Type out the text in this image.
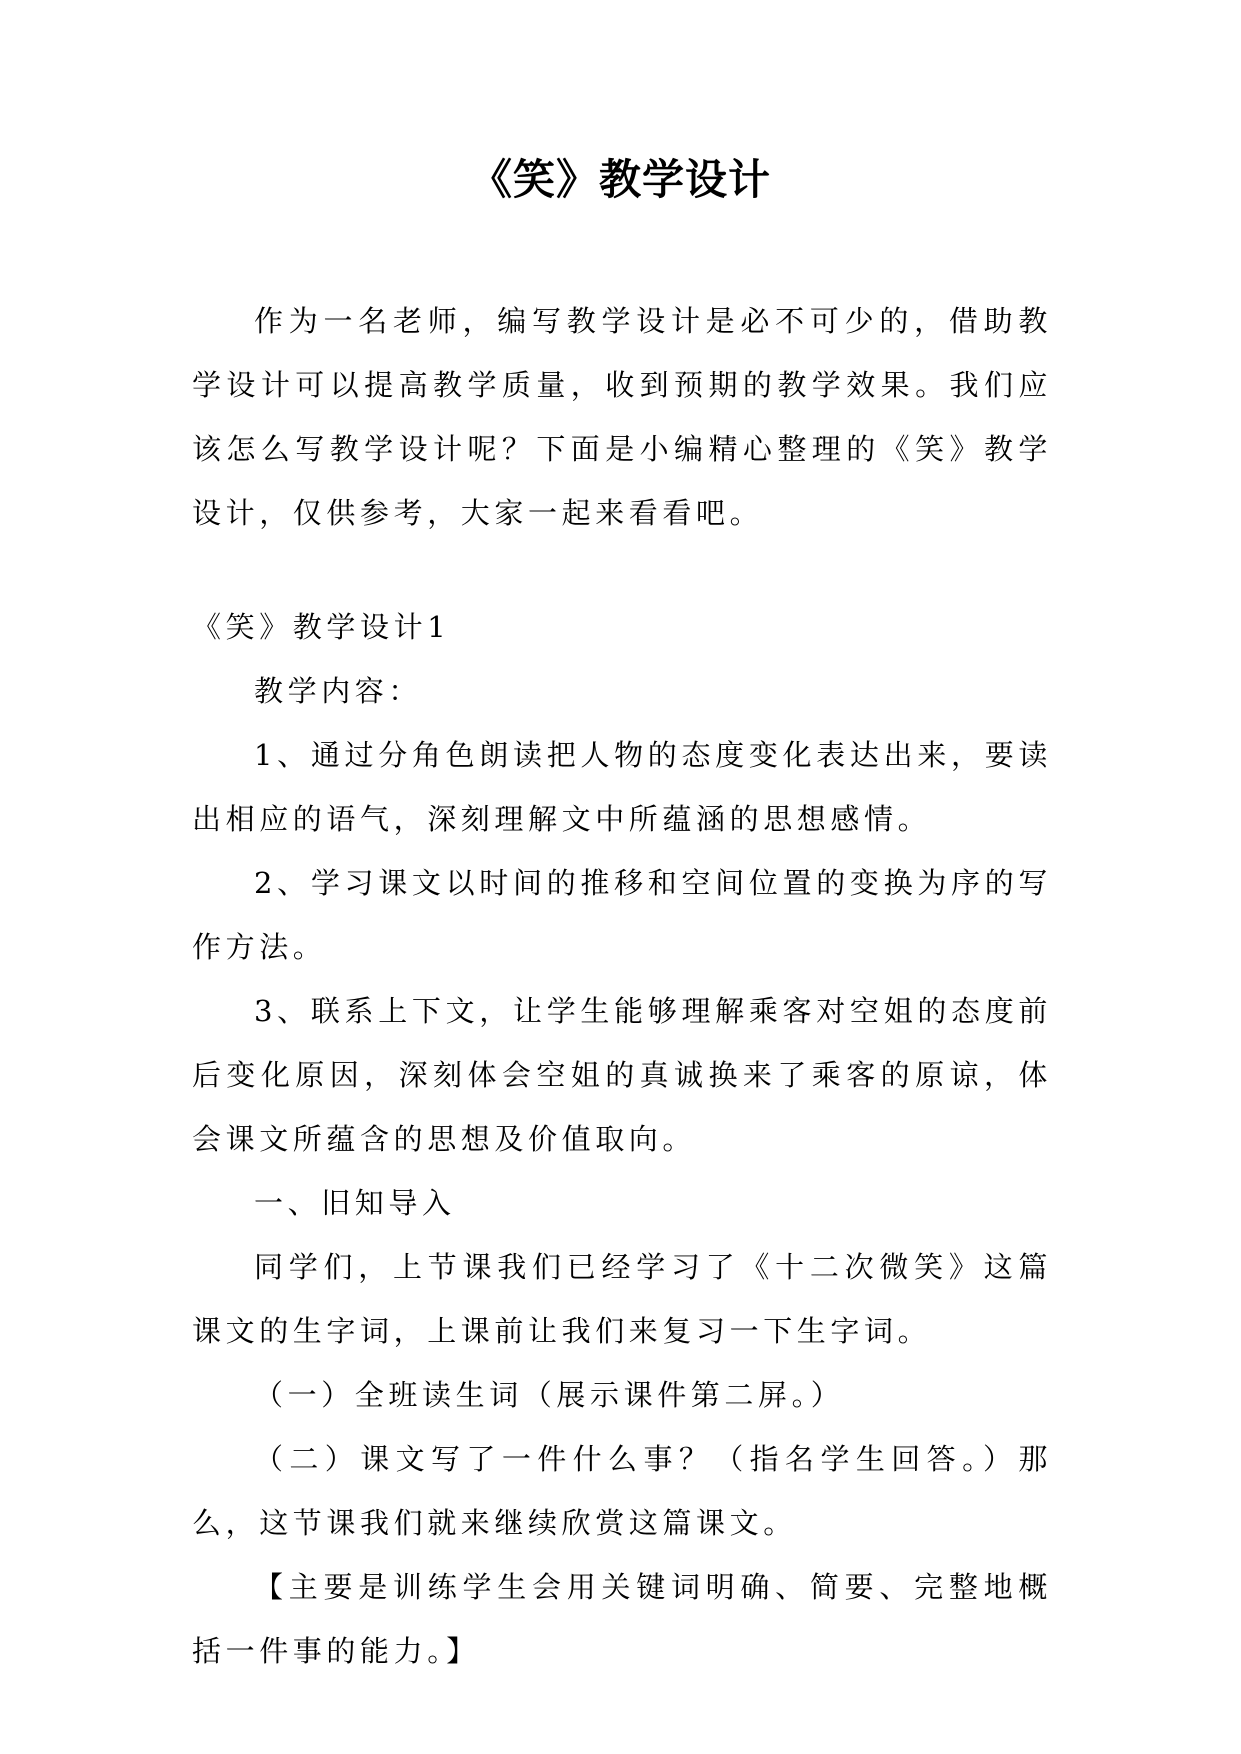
《笑》教学设计

作为一名老师，编写教学设计是必不可少的，借助教学设计可以提高教学质量，收到预期的教学效果。我们应该怎么写教学设计呢？下面是小编精心整理的《笑》教学设计，仅供参考，大家一起来看看吧。

《笑》教学设计1

教学内容：

1、通过分角色朗读把人物的态度变化表达出来，要读出相应的语气，深刻理解文中所蕴涵的思想感情。

2、学习课文以时间的推移和空间位置的变换为序的写作方法。

3、联系上下文，让学生能够理解乘客对空姐的态度前后变化原因，深刻体会空姐的真诚换来了乘客的原谅，体会课文所蕴含的思想及价值取向。

一、旧知导入

同学们，上节课我们已经学习了《十二次微笑》这篇课文的生字词，上课前让我们来复习一下生字词。

（一）全班读生词（展示课件第二屏。）

（二）课文写了一件什么事？（指名学生回答。）那么，这节课我们就来继续欣赏这篇课文。

【主要是训练学生会用关键词明确、简要、完整地概括一件事的能力。】
